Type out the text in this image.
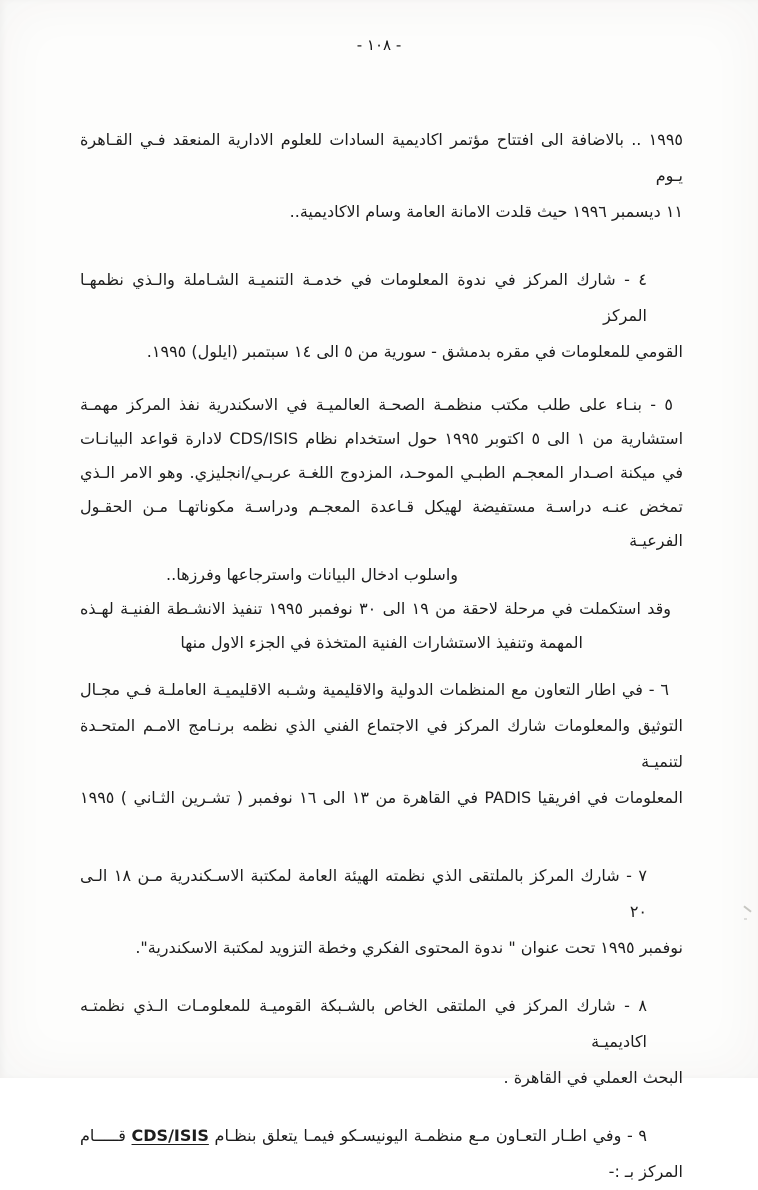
- ١٠٨ -
١٩٩٥ .. بالاضافة الى افتتاح مؤتمر اكاديمية السادات للعلوم الادارية المنعقد فـي القـاهرة يـوم
١١ ديسمبر ١٩٩٦ حيث قلدت الامانة العامة وسام الاكاديمية..
٤ - شارك المركز في ندوة المعلومات في خدمـة التنميـة الشـاملة والـذي نظمهـا المركز
القومي للمعلومات في مقره بدمشق - سورية من ٥ الى ١٤ سبتمبر (ايلول) ١٩٩٥.
٥ - بنـاء على طلب مكتب منظمـة الصحـة العالميـة في الاسكندرية نفذ المركز مهمـة
استشارية من ١ الى ٥ اكتوبر ١٩٩٥ حول استخدام نظام CDS/ISIS لادارة قواعد البيانـات
في ميكنة اصـدار المعجـم الطبـي الموحـد، المزدوج اللغـة عربـي/انجليزي. وهو الامر الـذي
تمخض عنـه دراسـة مستفيضة لهيكل قـاعدة المعجـم ودراسـة مكوناتهـا مـن الحقـول الفرعيـة
واسلوب ادخال البيانات واسترجاعها وفرزها..
وقد استكملت في مرحلة لاحقة من ١٩ الى ٣٠ نوفمبر ١٩٩٥ تنفيذ الانشـطة الفنيـة لهـذه
المهمة وتنفيذ الاستشارات الفنية المتخذة في الجزء الاول منها
٦ - في اطار التعاون مع المنظمات الدولية والاقليمية وشـبه الاقليميـة العاملـة فـي مجـال
التوثيق والمعلومات شارك المركز في الاجتماع الفني الذي نظمه برنـامج الامـم المتحـدة لتنميـة
المعلومات في افريقيا PADIS في القاهرة من ١٣ الى ١٦ نوفمبر ( تشـرين الثـاني ) ١٩٩٥
٧ - شارك المركز بالملتقى الذي نظمته الهيئة العامة لمكتبة الاسـكندرية مـن ١٨ الـى ٢٠
نوفمبر ١٩٩٥ تحت عنوان " ندوة المحتوى الفكري وخطة التزويد لمكتبة الاسكندرية".
٨ - شارك المركز في الملتقى الخاص بالشـبكة القوميـة للمعلومـات الـذي نظمتـه اكاديميـة
البحث العملي في القاهرة .
٩ - وفي اطـار التعـاون مـع منظمـة اليونيسـكو فيمـا يتعلق بنظـام CDS/ISIS قـــــام
المركز بـ :-
